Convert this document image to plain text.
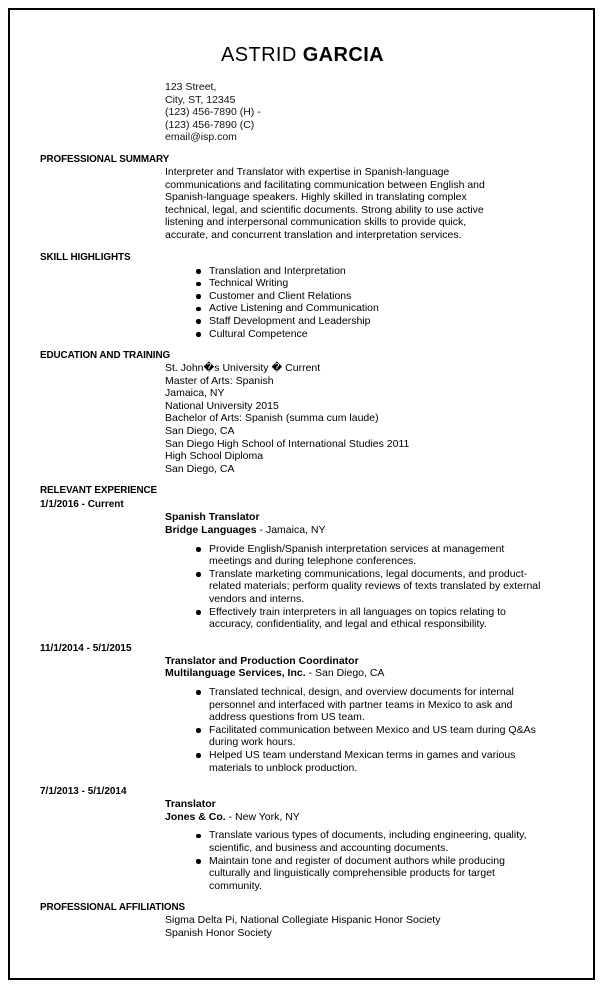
ASTRID GARCIA
123 Street,
City, ST, 12345
(123) 456-7890 (H) -
(123) 456-7890 (C)
email@isp.com
PROFESSIONAL SUMMARY
Interpreter and Translator with expertise in Spanish-language communications and facilitating communication between English and Spanish-language speakers. Highly skilled in translating complex technical, legal, and scientific documents. Strong ability to use active listening and interpersonal communication skills to provide quick, accurate, and concurrent translation and interpretation services.
SKILL HIGHLIGHTS
Translation and Interpretation
Technical Writing
Customer and Client Relations
Active Listening and Communication
Staff Development and Leadership
Cultural Competence
EDUCATION AND TRAINING
St. John�s University � Current
Master of Arts: Spanish
Jamaica, NY
National University 2015
Bachelor of Arts: Spanish (summa cum laude)
San Diego, CA
San Diego High School of International Studies 2011
High School Diploma
San Diego, CA
RELEVANT EXPERIENCE
1/1/2016 - Current
Spanish Translator
Bridge Languages - Jamaica, NY
Provide English/Spanish interpretation services at management meetings and during telephone conferences.
Translate marketing communications, legal documents, and product-related materials; perform quality reviews of texts translated by external vendors and interns.
Effectively train interpreters in all languages on topics relating to accuracy, confidentiality, and legal and ethical responsibility.
11/1/2014 - 5/1/2015
Translator and Production Coordinator
Multilanguage Services, Inc. - San Diego, CA
Translated technical, design, and overview documents for internal personnel and interfaced with partner teams in Mexico to ask and address questions from US team.
Facilitated communication between Mexico and US team during Q&As during work hours.
Helped US team understand Mexican terms in games and various materials to unblock production.
7/1/2013 - 5/1/2014
Translator
Jones & Co. - New York, NY
Translate various types of documents, including engineering, quality, scientific, and business and accounting documents.
Maintain tone and register of document authors while producing culturally and linguistically comprehensible products for target community.
PROFESSIONAL AFFILIATIONS
Sigma Delta Pi, National Collegiate Hispanic Honor Society
Spanish Honor Society
